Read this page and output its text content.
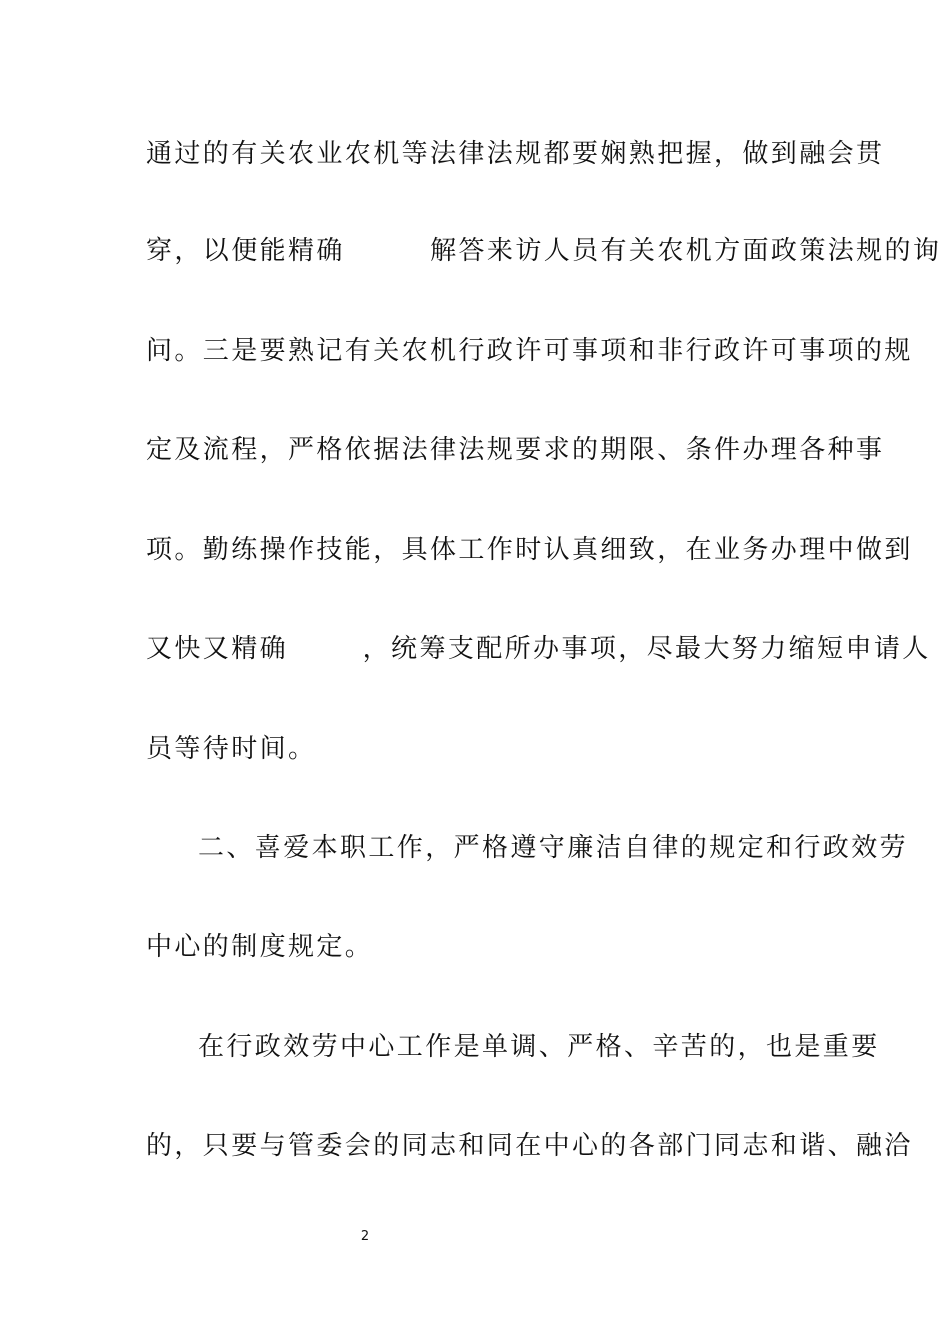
通过的有关农业农机等法律法规都要娴熟把握，做到融会贯
穿，以便能精确        解答来访人员有关农机方面政策法规的询
问。三是要熟记有关农机行政许可事项和非行政许可事项的规
定及流程，严格依据法律法规要求的期限、条件办理各种事
项。勤练操作技能，具体工作时认真细致，在业务办理中做到
又快又精确       ，统筹支配所办事项，尽最大努力缩短申请人
员等待时间。
二、喜爱本职工作，严格遵守廉洁自律的规定和行政效劳
中心的制度规定。
在行政效劳中心工作是单调、严格、辛苦的，也是重要
的，只要与管委会的同志和同在中心的各部门同志和谐、融洽
2
